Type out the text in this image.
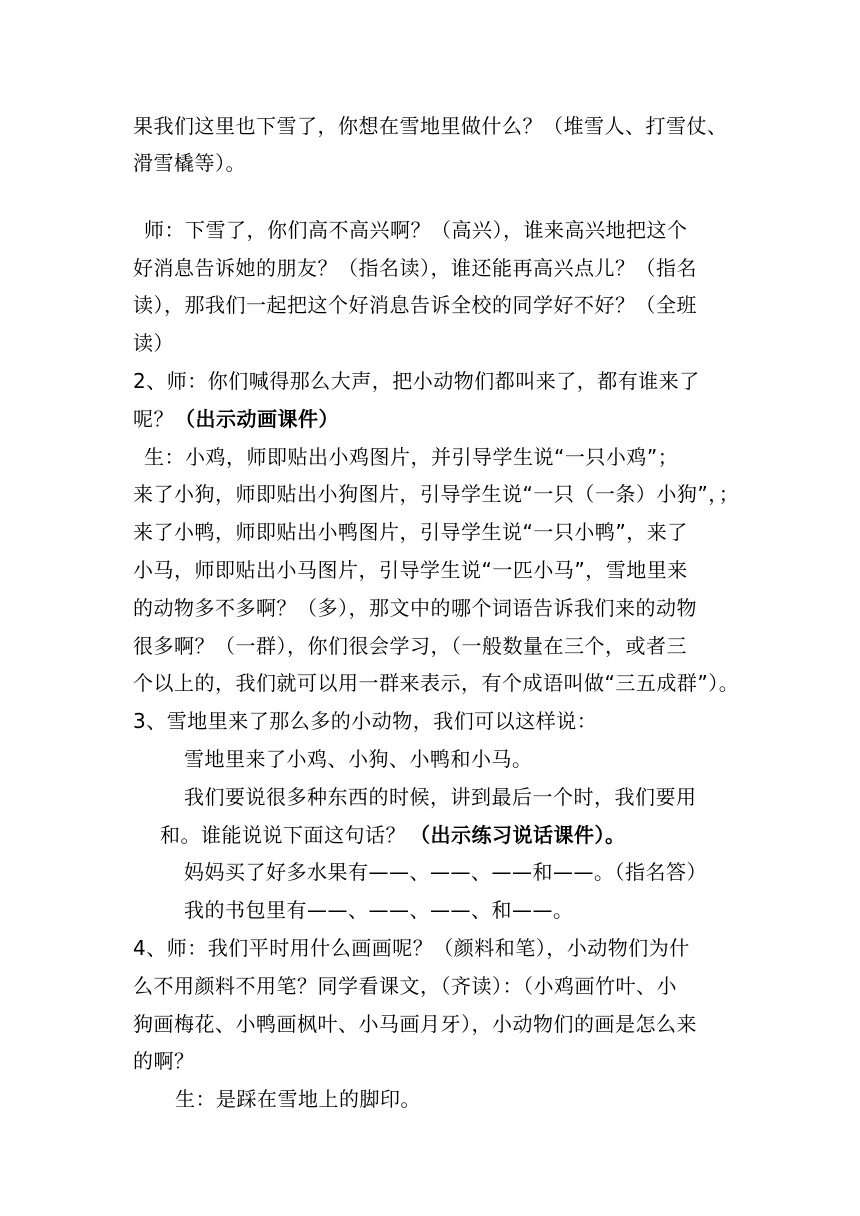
果我们这里也下雪了，你想在雪地里做什么？（堆雪人、打雪仗、
滑雪橇等）。
师：下雪了，你们高不高兴啊？（高兴），谁来高兴地把这个
好消息告诉她的朋友？（指名读），谁还能再高兴点儿？（指名
读），那我们一起把这个好消息告诉全校的同学好不好？（全班
读）
2、师：你们喊得那么大声，把小动物们都叫来了，都有谁来了
呢？ （出示动画课件）
生：小鸡，师即贴出小鸡图片，并引导学生说“一只小鸡”；
来了小狗，师即贴出小狗图片，引导学生说“一只（一条）小狗”，；
来了小鸭，师即贴出小鸭图片，引导学生说“一只小鸭”，来了
小马，师即贴出小马图片，引导学生说“一匹小马”，雪地里来
的动物多不多啊？（多），那文中的哪个词语告诉我们来的动物
很多啊？（一群），你们很会学习，（一般数量在三个，或者三
个以上的，我们就可以用一群来表示，有个成语叫做“三五成群”）。
3、雪地里来了那么多的小动物，我们可以这样说：
雪地里来了小鸡、小狗、小鸭和小马。
我们要说很多种东西的时候，讲到最后一个时，我们要用
和。谁能说说下面这句话？ （出示练习说话课件）。
妈妈买了好多水果有——、——、——和——。（指名答）
我的书包里有——、——、——、和——。
4、师：我们平时用什么画画呢？（颜料和笔），小动物们为什
么不用颜料不用笔？同学看课文，（齐读）：（小鸡画竹叶、小
狗画梅花、小鸭画枫叶、小马画月牙），小动物们的画是怎么来
的啊？
生：是踩在雪地上的脚印。
